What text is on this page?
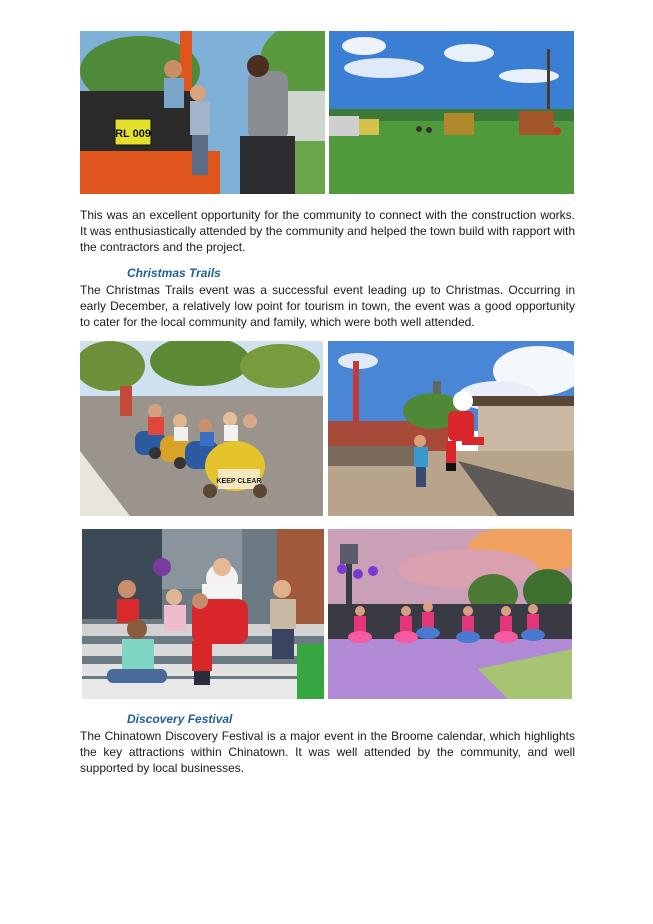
RL 009

This was an excellent opportunity for the community to connect with the construction works. It was enthusiastically attended by the community and helped the town build with rapport with the contractors and the project.

Christmas Trails

The Christmas Trails event was a successful event leading up to Christmas. Occurring in early December, a relatively low point for tourism in town, the event was a good opportunity to cater for the local community and family, which were both well attended.

KEEP CLEAR
Discovery Festival

The Chinatown Discovery Festival is a major event in the Broome calendar, which highlights the key attractions within Chinatown. It was well attended by the community, and well supported by local businesses.
